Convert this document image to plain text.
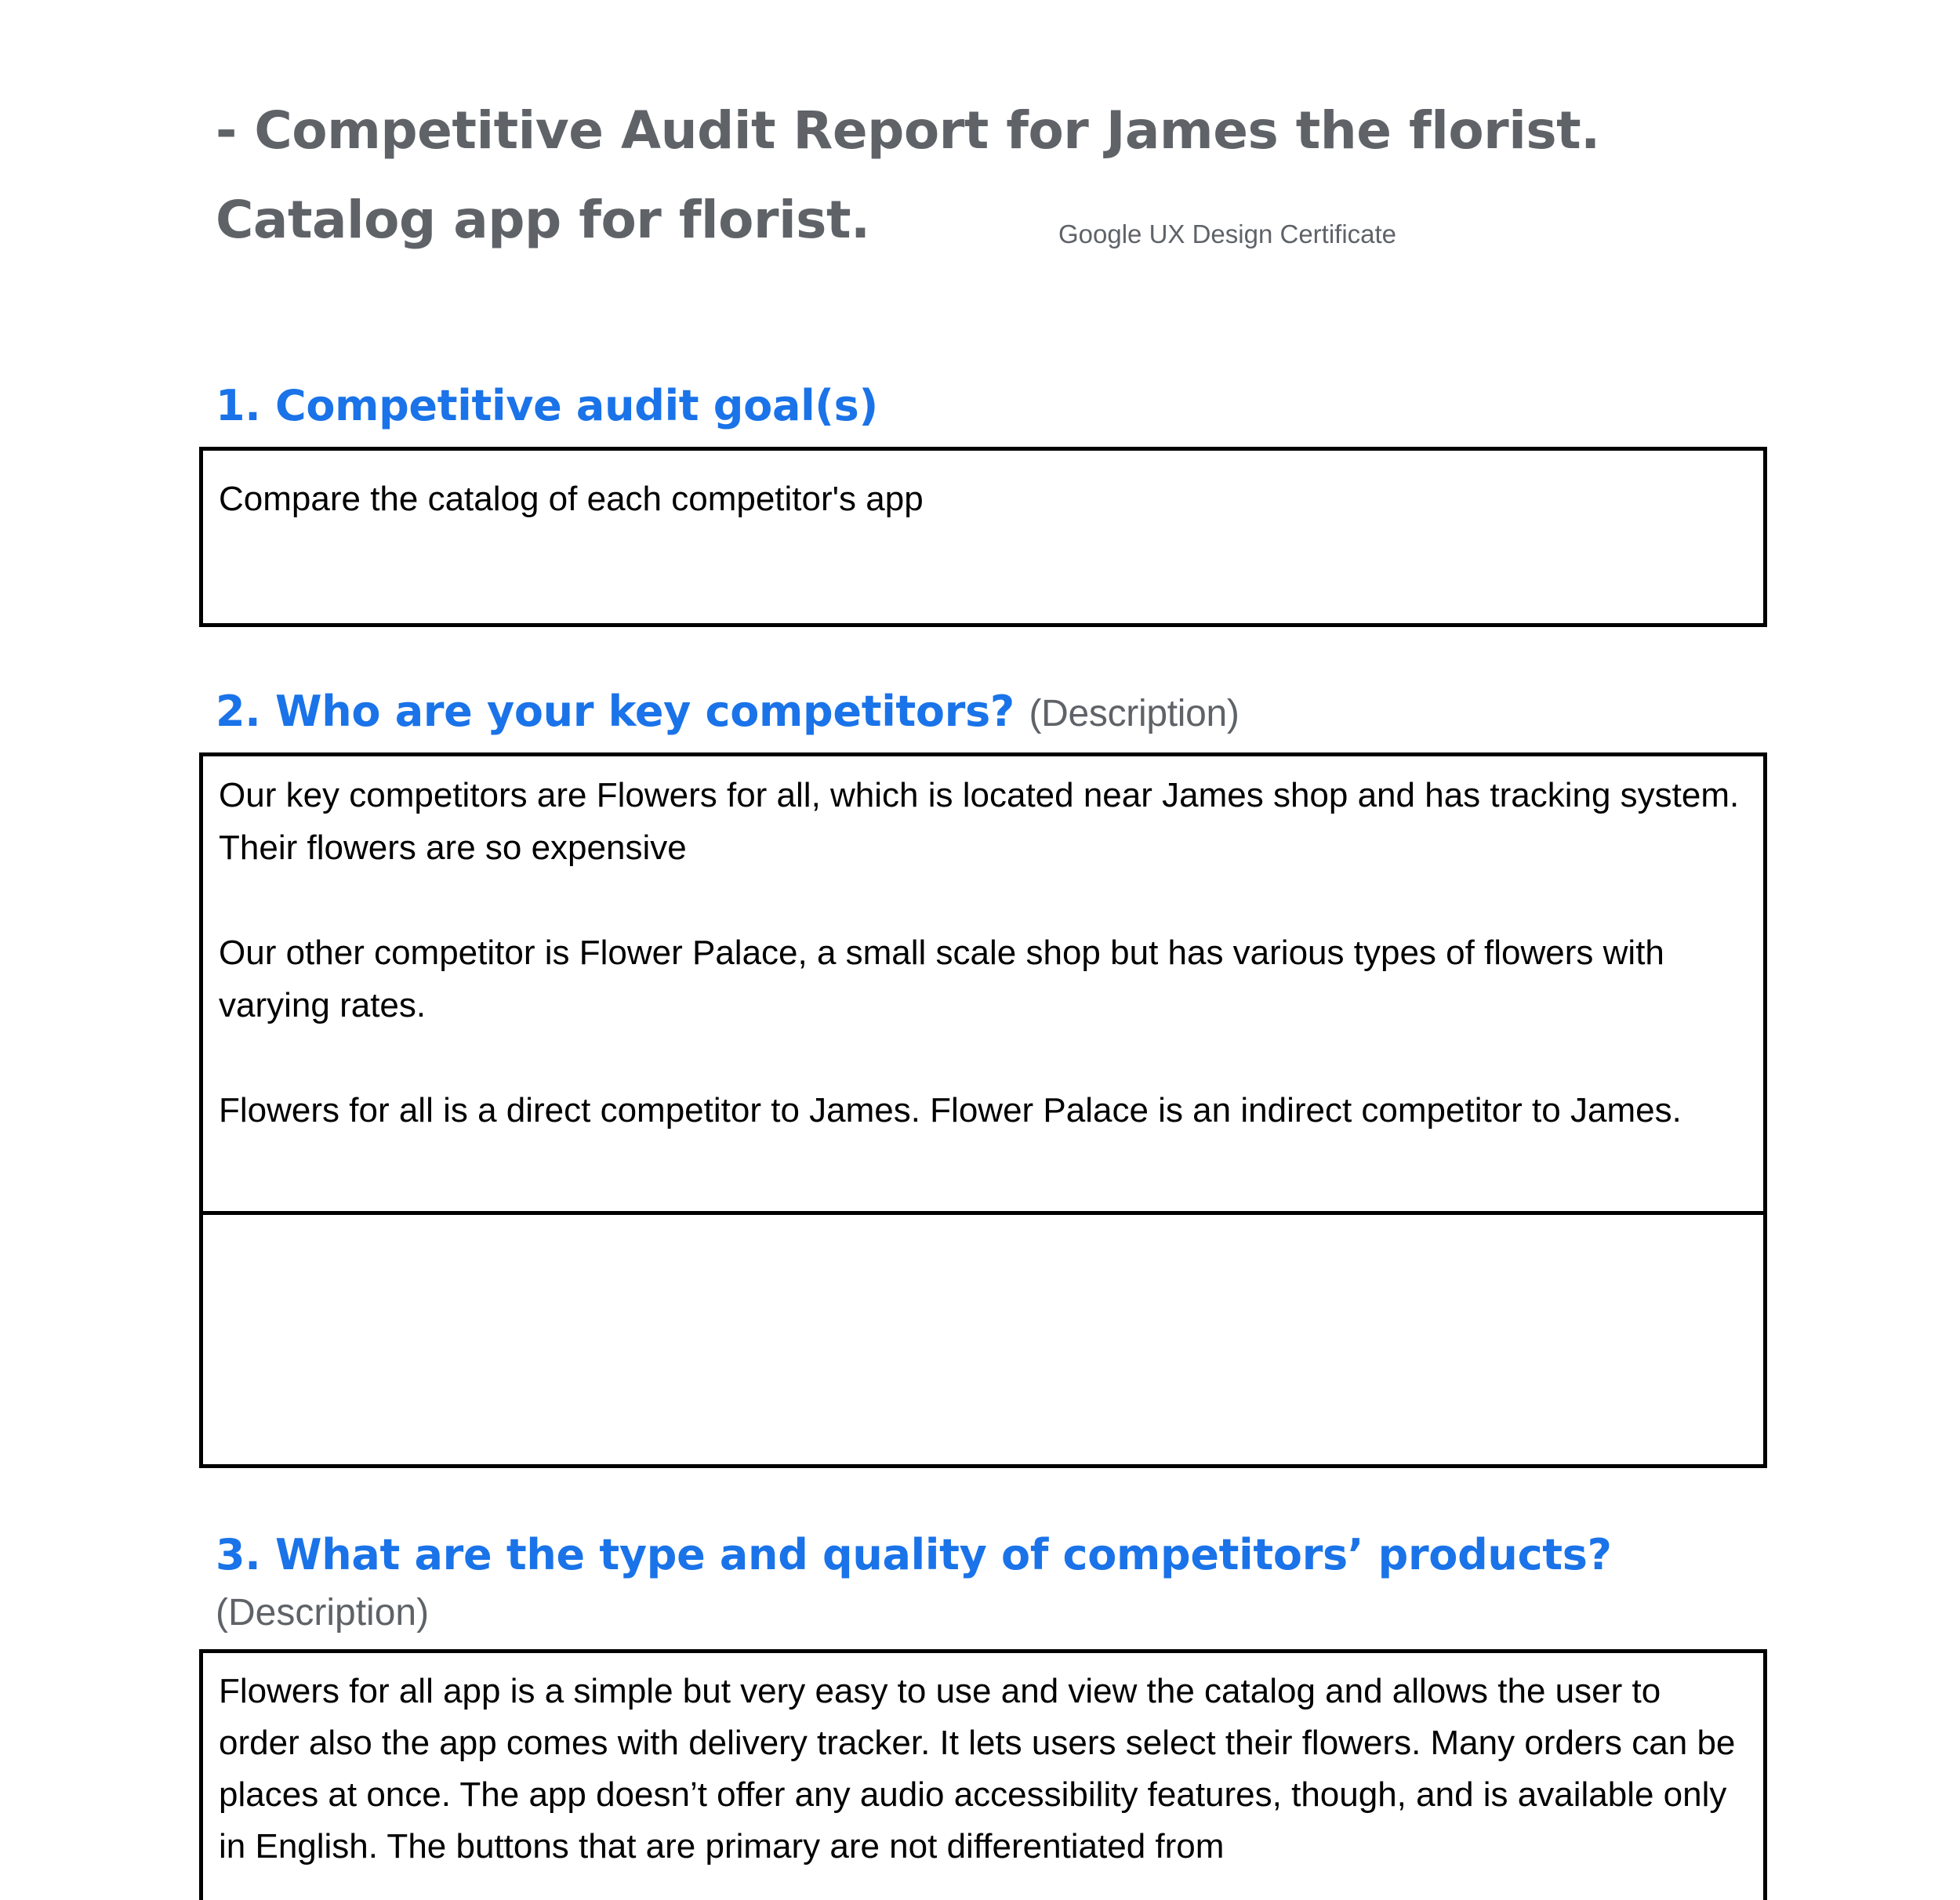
- Competitive Audit Report for James the florist.
Catalog app for florist.	Google UX Design Certificate
1. Competitive audit goal(s)

Compare the catalog of each competitor's app

2. Who are your key competitors? (Description)

Our key competitors are Flowers for all, which is located near James shop and has tracking system. Their flowers are so expensive

Our other competitor is Flower Palace, a small scale shop but has various types of flowers with varying rates.

Flowers for all is a direct competitor to James. Flower Palace is an indirect competitor to James.

3. What are the type and quality of competitors’ products?
(Description)

Flowers for all app is a simple but very easy to use and view the catalog and allows the user to order also the app comes with delivery tracker. It lets users select their flowers. Many orders can be places at once. The app doesn’t offer any audio accessibility features, though, and is available only in English. The buttons that are primary are not differentiated from
